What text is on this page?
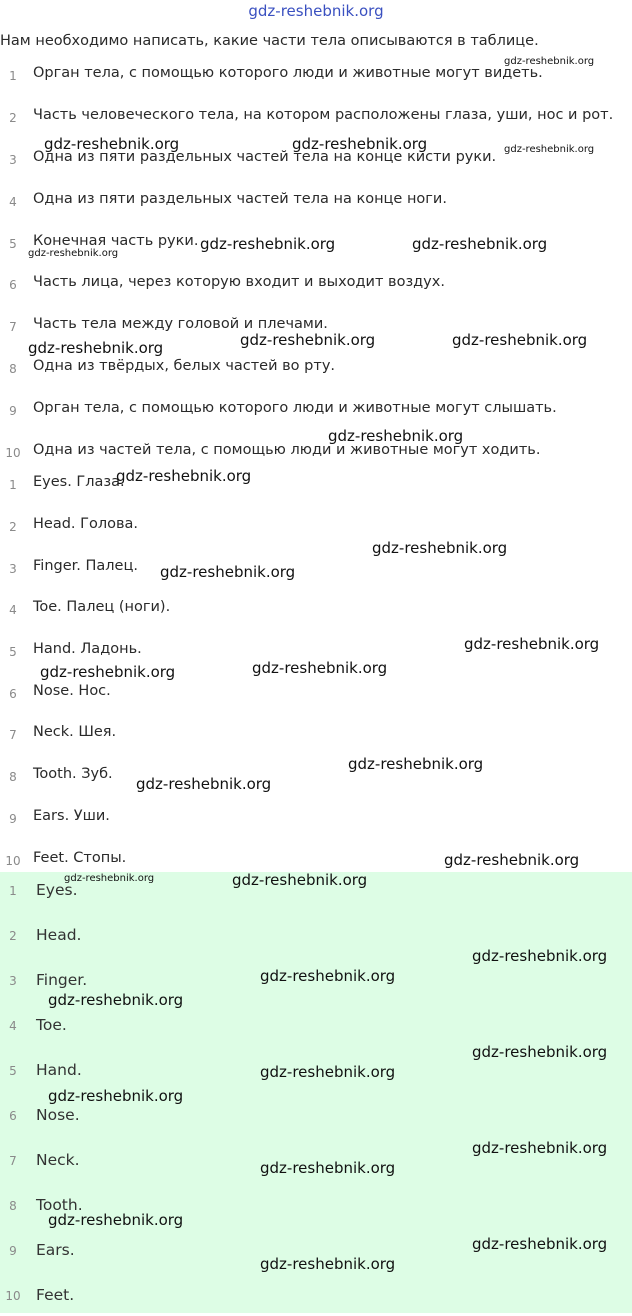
gdz-reshebnik.org
Нам необходимо написать, какие части тела описываются в таблице.
1	Орган тела, с помощью которого люди и животные могут видеть.
2	Часть человеческого тела, на котором расположены глаза, уши, нос и рот.
3	Одна из пяти раздельных частей тела на конце кисти руки.
4	Одна из пяти раздельных частей тела на конце ноги.
5	Конечная часть руки.
6	Часть лица, через которую входит и выходит воздух.
7	Часть тела между головой и плечами.
8	Одна из твёрдых, белых частей во рту.
9	Орган тела, с помощью которого люди и животные могут слышать.
10 Одна из частей тела, с помощью люди и животные могут ходить.
1	Eyes. Глаза.
2	Head. Голова.
3	Finger. Палец.
4	Toe. Палец (ноги).
5	Hand. Ладонь.
6	Nose. Нос.
7	Neck. Шея.
8	Tooth. Зуб.
9	Ears. Уши.
10 Feet. Стопы.
1	Eyes.
2	Head.
3	Finger.
4	Toe.
5	Hand.
6	Nose.
7	Neck.
8	Tooth.
9	Ears.
10 Feet.
gdz-reshebnik.org
gdz-reshebnik.org	gdz-reshebnik.org	gdz-reshebnik.org
gdz-reshebnik.org	gdz-reshebnik.org
gdz-reshebnik.org
gdz-reshebnik.org	gdz-reshebnik.org
gdz-reshebnik.org
gdz-reshebnik.org
gdz-reshebnik.org
gdz-reshebnik.org
gdz-reshebnik.org
gdz-reshebnik.org
gdz-reshebnik.org
gdz-reshebnik.org
gdz-reshebnik.org
gdz-reshebnik.org
gdz-reshebnik.org
gdz-reshebnik.org	gdz-reshebnik.org
gdz-reshebnik.org
gdz-reshebnik.org
gdz-reshebnik.org
gdz-reshebnik.org
gdz-reshebnik.org
gdz-reshebnik.org
gdz-reshebnik.org
gdz-reshebnik.org
gdz-reshebnik.org
gdz-reshebnik.org
gdz-reshebnik.org
